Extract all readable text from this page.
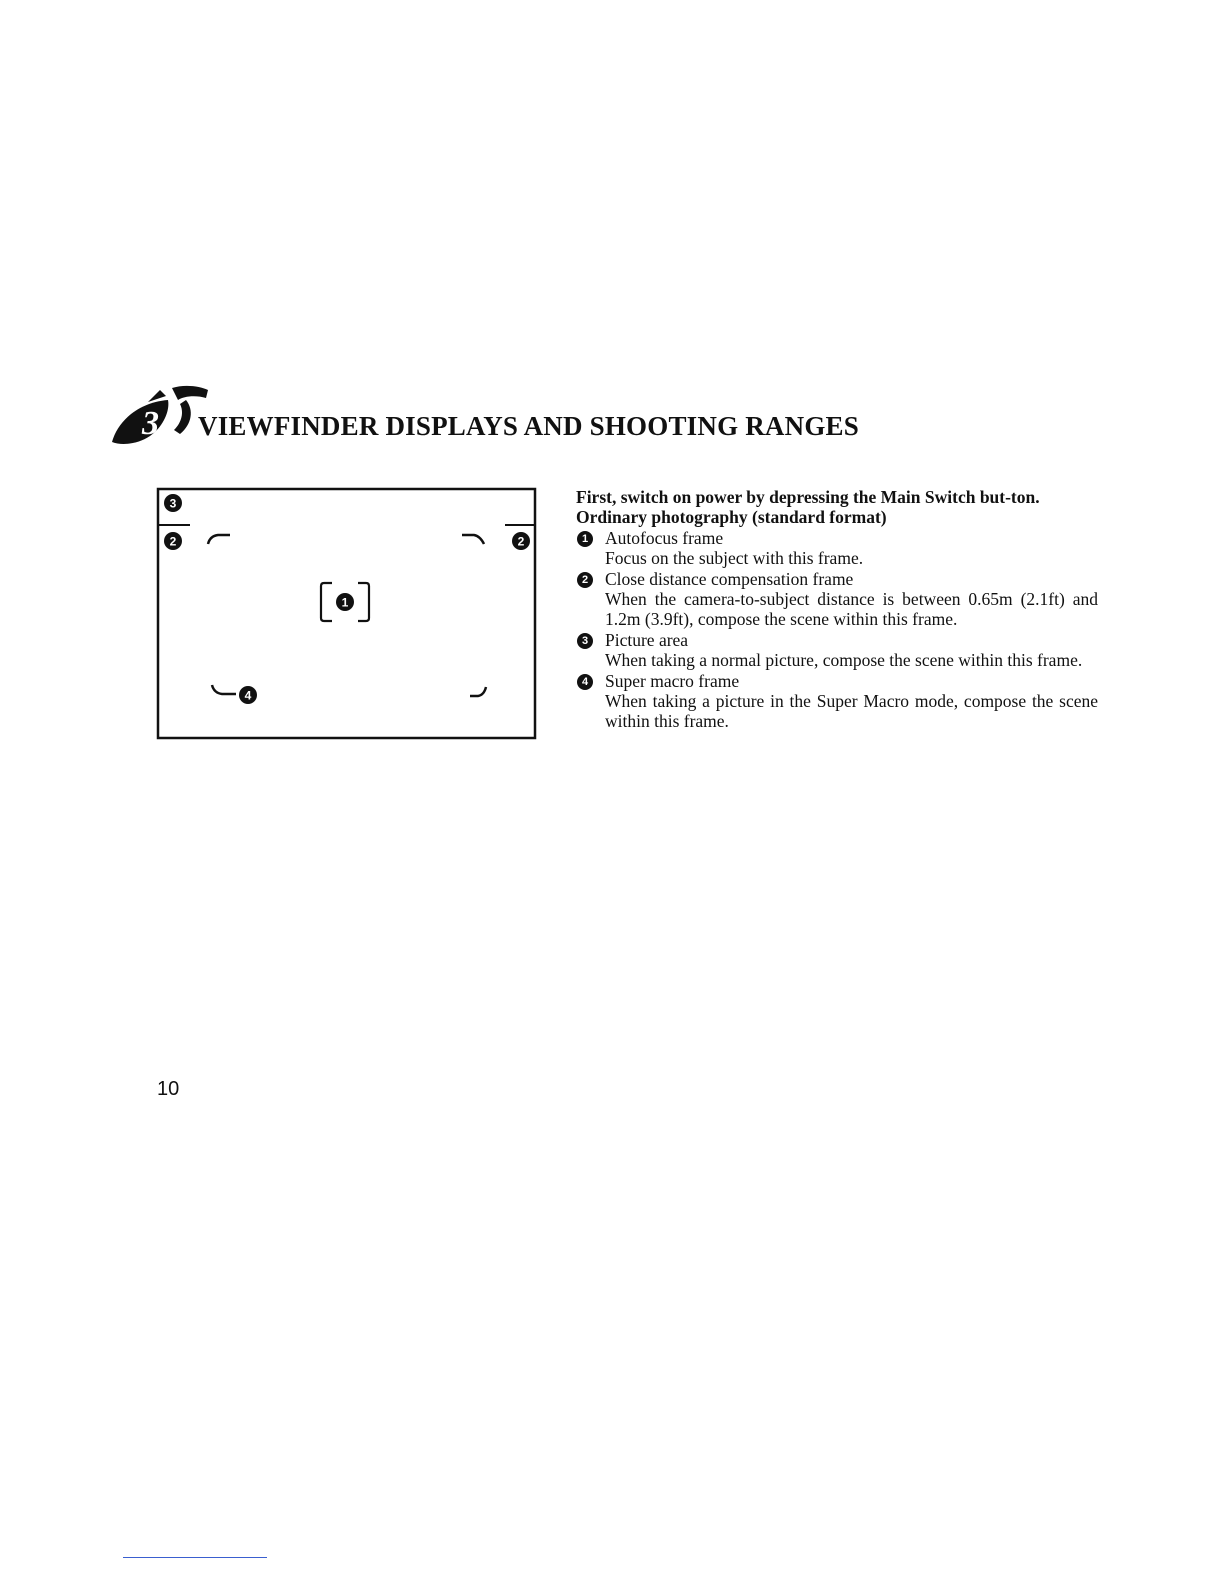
3 VIEWFINDER DISPLAYS AND SHOOTING RANGES
3
2	2
1
4

First, switch on power by depressing the Main Switch but-ton.

Ordinary photography (standard format)

1 Autofocus frame

Focus on the subject with this frame.

2 Close distance compensation frame

When the camera-to-subject distance is between 0.65m (2.1ft) and 1.2m (3.9ft), compose the scene within this frame.

3 Picture area

When taking a normal picture, compose the scene within this frame.

4 Super macro frame

When taking a picture in the Super Macro mode, compose the scene within this frame.

10
